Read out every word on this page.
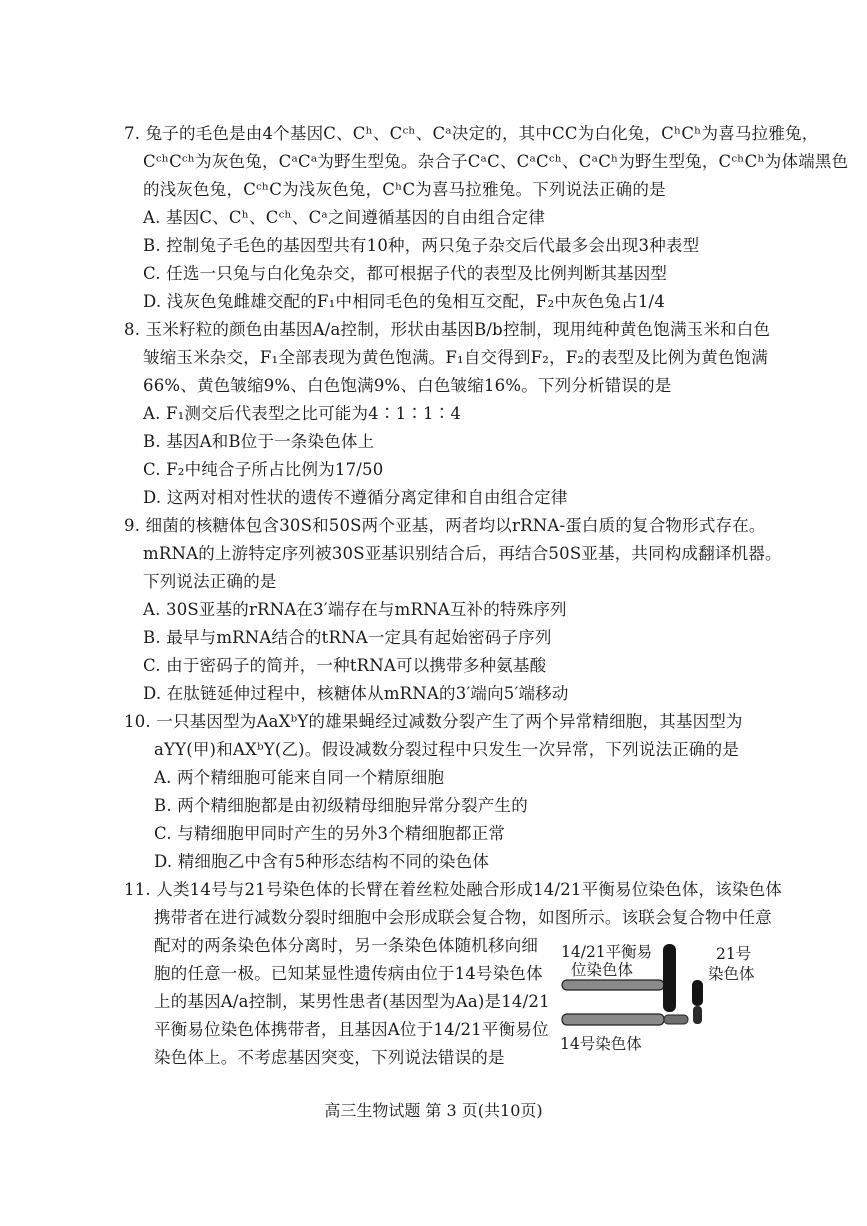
7. 兔子的毛色是由4个基因C、Cʰ、Cᶜʰ、Cᵃ决定的，其中CC为白化兔，CʰCʰ为喜马拉雅兔，
CᶜʰCᶜʰ为灰色兔，CᵃCᵃ为野生型兔。杂合子CᵃC、CᵃCᶜʰ、CᵃCʰ为野生型兔，CᶜʰCʰ为体端黑色
的浅灰色兔，CᶜʰC为浅灰色兔，CʰC为喜马拉雅兔。下列说法正确的是
A. 基因C、Cʰ、Cᶜʰ、Cᵃ之间遵循基因的自由组合定律
B. 控制兔子毛色的基因型共有10种，两只兔子杂交后代最多会出现3种表型
C. 任选一只兔与白化兔杂交，都可根据子代的表型及比例判断其基因型
D. 浅灰色兔雌雄交配的F₁中相同毛色的兔相互交配，F₂中灰色兔占1/4
8. 玉米籽粒的颜色由基因A/a控制，形状由基因B/b控制，现用纯种黄色饱满玉米和白色
皱缩玉米杂交，F₁全部表现为黄色饱满。F₁自交得到F₂，F₂的表型及比例为黄色饱满
66%、黄色皱缩9%、白色饱满9%、白色皱缩16%。下列分析错误的是
A. F₁测交后代表型之比可能为4∶1∶1∶4
B. 基因A和B位于一条染色体上
C. F₂中纯合子所占比例为17/50
D. 这两对相对性状的遗传不遵循分离定律和自由组合定律
9. 细菌的核糖体包含30S和50S两个亚基，两者均以rRNA-蛋白质的复合物形式存在。
mRNA的上游特定序列被30S亚基识别结合后，再结合50S亚基，共同构成翻译机器。
下列说法正确的是
A. 30S亚基的rRNA在3′端存在与mRNA互补的特殊序列
B. 最早与mRNA结合的tRNA一定具有起始密码子序列
C. 由于密码子的简并，一种tRNA可以携带多种氨基酸
D. 在肽链延伸过程中，核糖体从mRNA的3′端向5′端移动
10. 一只基因型为AaXᵇY的雄果蝇经过减数分裂产生了两个异常精细胞，其基因型为
aYY(甲)和AXᵇY(乙)。假设减数分裂过程中只发生一次异常，下列说法正确的是
A. 两个精细胞可能来自同一个精原细胞
B. 两个精细胞都是由初级精母细胞异常分裂产生的
C. 与精细胞甲同时产生的另外3个精细胞都正常
D. 精细胞乙中含有5种形态结构不同的染色体
11. 人类14号与21号染色体的长臂在着丝粒处融合形成14/21平衡易位染色体，该染色体
携带者在进行减数分裂时细胞中会形成联会复合物，如图所示。该联会复合物中任意
配对的两条染色体分离时，另一条染色体随机移向细
胞的任意一极。已知某显性遗传病由位于14号染色体
上的基因A/a控制，某男性患者(基因型为Aa)是14/21
平衡易位染色体携带者，且基因A位于14/21平衡易位
染色体上。不考虑基因突变，下列说法错误的是
14/21平衡易
位染色体
21号
染色体
14号染色体
高三生物试题 第 3 页(共10页)
